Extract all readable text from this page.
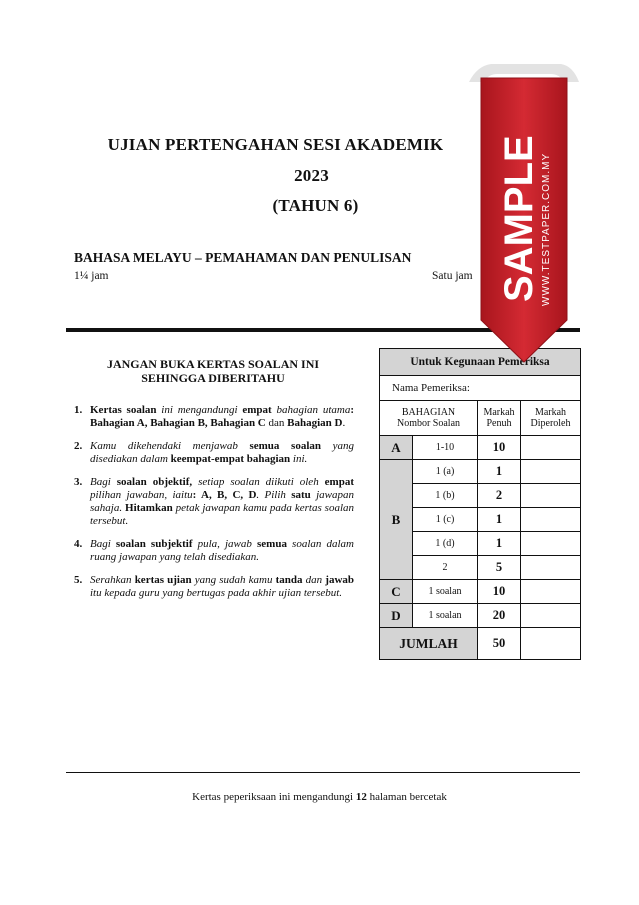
UJIAN PERTENGAHAN SESI AKADEMIK
2023
(TAHUN 6)
BAHASA MELAYU – PEMAHAMAN DAN PENULISAN
1¼ jam	Satu jam
JANGAN BUKA KERTAS SOALAN INI
SEHINGGA DIBERITAHU
1. Kertas soalan ini mengandungi empat bahagian utama: Bahagian A, Bahagian B, Bahagian C dan Bahagian D.
2. Kamu dikehendaki menjawab semua soalan yang disediakan dalam keempat-empat bahagian ini.
3. Bagi soalan objektif, setiap soalan diikuti oleh empat pilihan jawaban, iaitu: A, B, C, D. Pilih satu jawapan sahaja. Hitamkan petak jawapan kamu pada kertas soalan tersebut.
4. Bagi soalan subjektif pula, jawab semua soalan dalam ruang jawapan yang telah disediakan.
5. Serahkan kertas ujian yang sudah kamu tanda dan jawab itu kepada guru yang bertugas pada akhir ujian tersebut.
Untuk Kegunaan Pemeriksa			
Nama Pemeriksa:			

BAHAGIAN
Nombor Soalan		Markah Penuh	Markah Diperoleh
A	1-10	10	
B	1 (a)	1	
	1 (b)	2	
	1 (c)	1	
	1 (d)	1	
	2	5	
C	1 soalan	10	
D	1 soalan	20	
JUMLAH		50	
Kertas peperiksaan ini mengandungi 12 halaman bercetak
SAMPLE WWW.TESTPAPER.COM.MY
